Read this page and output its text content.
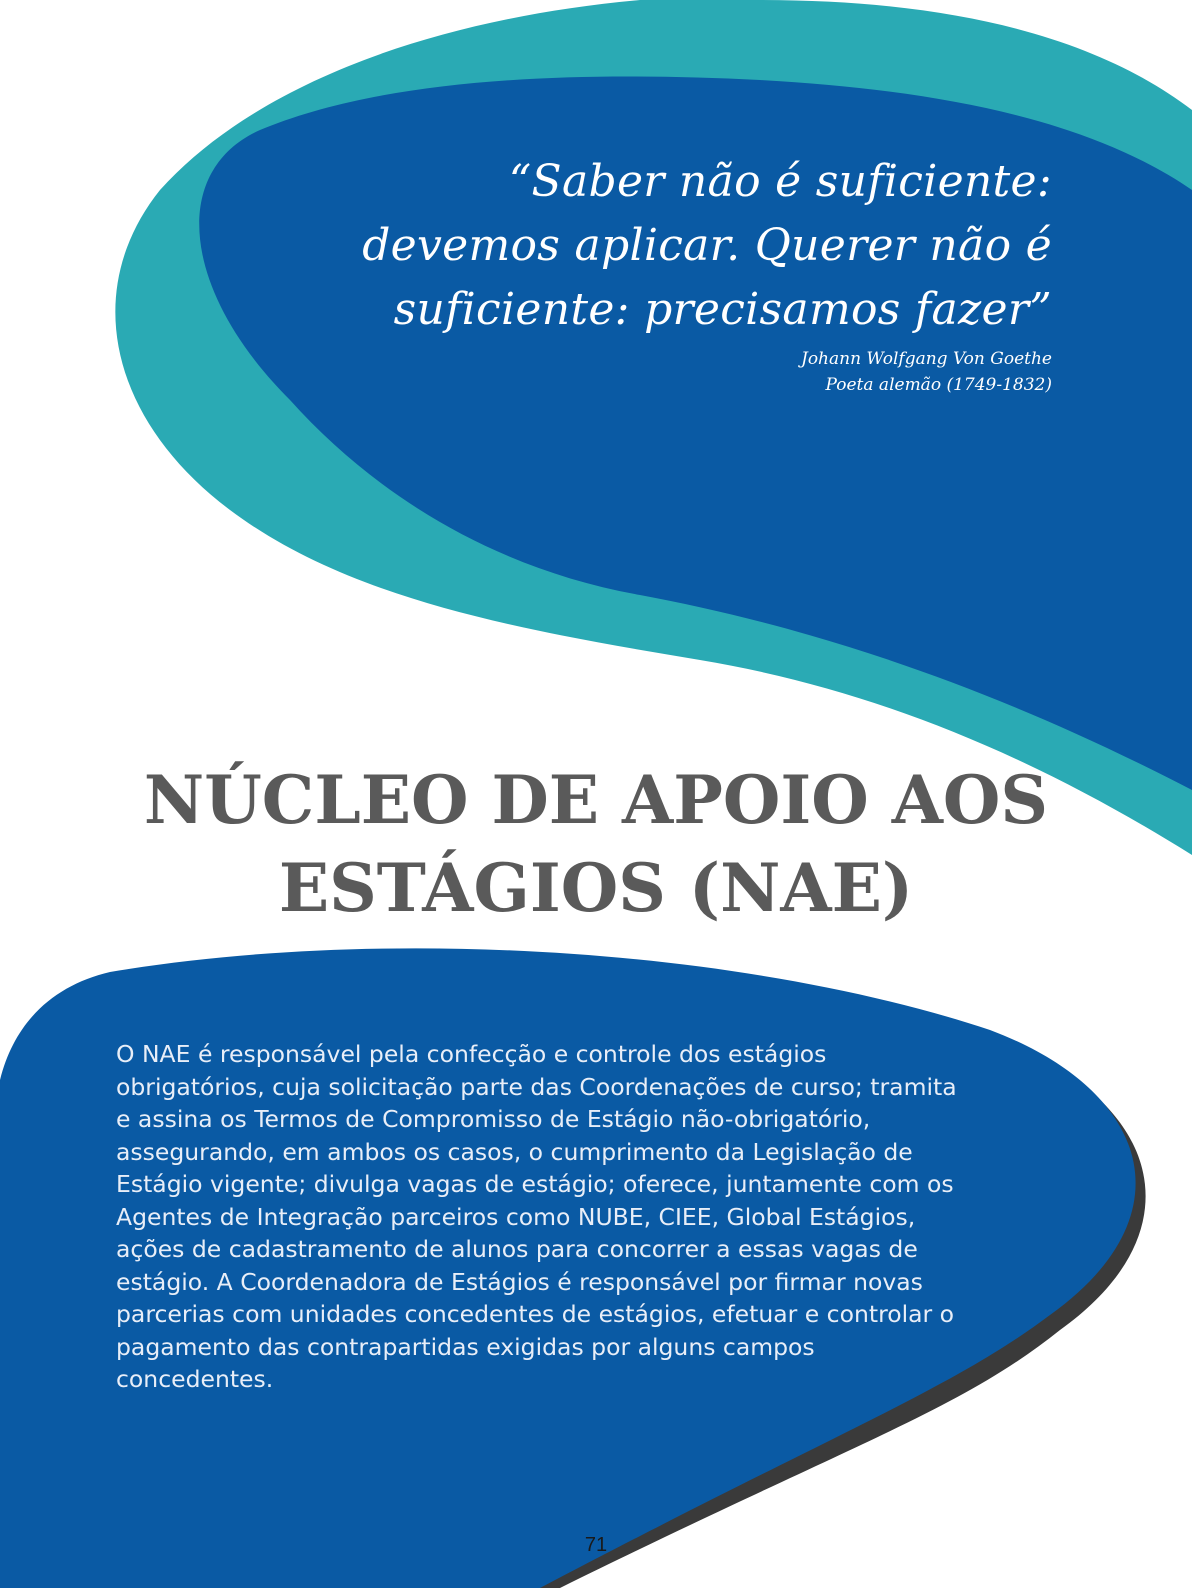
“Saber não é suficiente:
devemos aplicar. Querer não é
suficiente: precisamos fazer”
Johann Wolfgang Von Goethe
Poeta alemão (1749-1832)
NÚCLEO DE APOIO AOS
ESTÁGIOS (NAE)

O NAE é responsável pela confecção e controle dos estágios obrigatórios, cuja solicitação parte das Coordenações de curso; tramita e assina os Termos de Compromisso de Estágio não-obrigatório, assegurando, em ambos os casos, o cumprimento da Legislação de Estágio vigente; divulga vagas de estágio; oferece, juntamente com os Agentes de Integração parceiros como NUBE, CIEE, Global Estágios, ações de cadastramento de alunos para concorrer a essas vagas de estágio. A Coordenadora de Estágios é responsável por firmar novas parcerias com unidades concedentes de estágios, efetuar e controlar o pagamento das contrapartidas exigidas por alguns campos concedentes.

71
